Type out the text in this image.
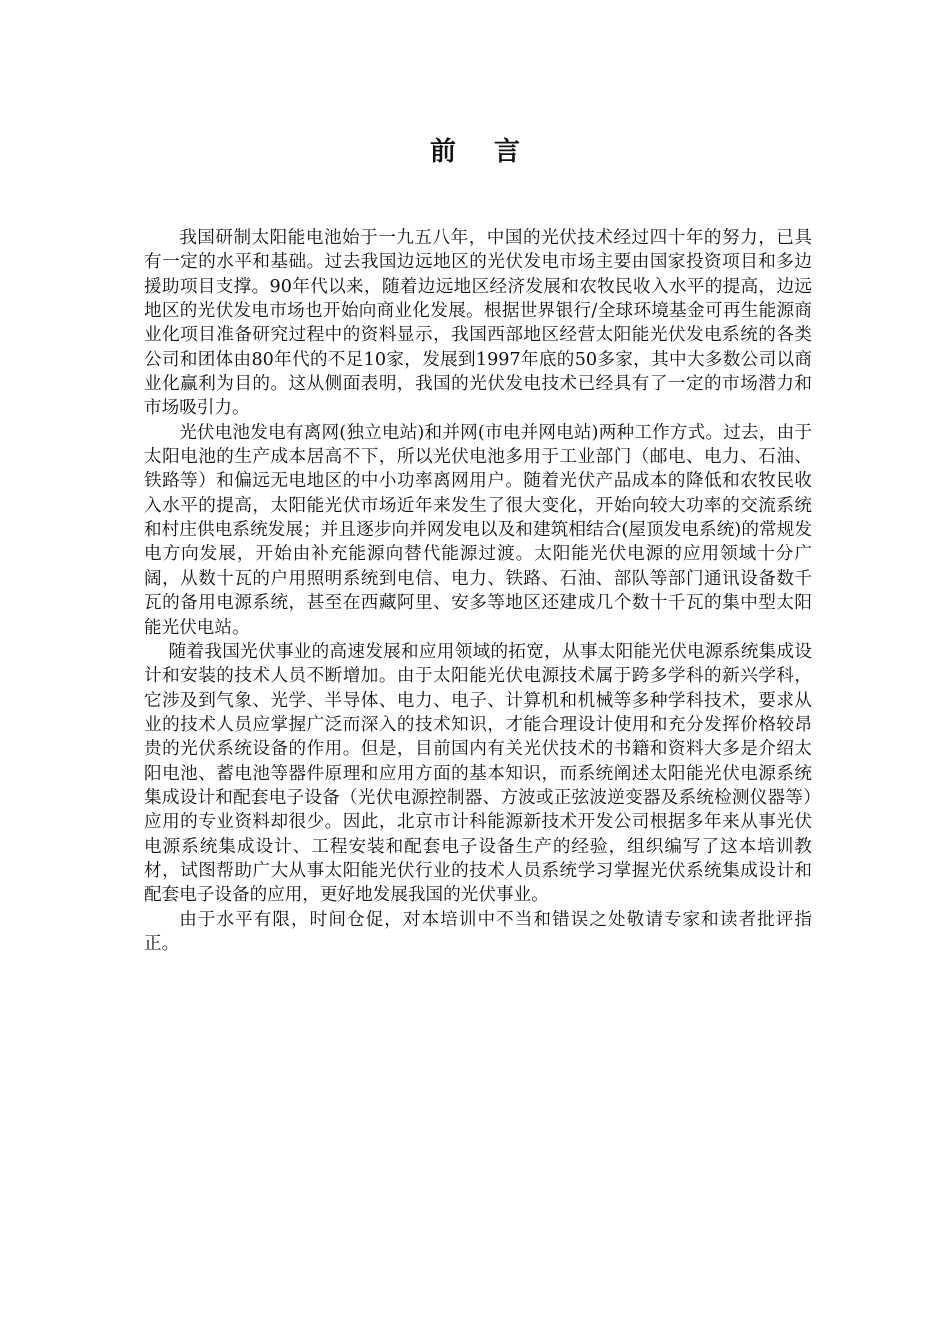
前言

我国研制太阳能电池始于一九五八年，中国的光伏技术经过四十年的努力，已具有一定的水平和基础。过去我国边远地区的光伏发电市场主要由国家投资项目和多边援助项目支撑。90年代以来，随着边远地区经济发展和农牧民收入水平的提高，边远地区的光伏发电市场也开始向商业化发展。根据世界银行/全球环境基金可再生能源商业化项目准备研究过程中的资料显示，我国西部地区经营太阳能光伏发电系统的各类公司和团体由80年代的不足10家，发展到1997年底的50多家，其中大多数公司以商业化赢利为目的。这从侧面表明，我国的光伏发电技术已经具有了一定的市场潜力和市场吸引力。

光伏电池发电有离网(独立电站)和并网(市电并网电站)两种工作方式。过去，由于太阳电池的生产成本居高不下，所以光伏电池多用于工业部门（邮电、电力、石油、铁路等）和偏远无电地区的中小功率离网用户。随着光伏产品成本的降低和农牧民收入水平的提高，太阳能光伏市场近年来发生了很大变化，开始向较大功率的交流系统和村庄供电系统发展；并且逐步向并网发电以及和建筑相结合(屋顶发电系统)的常规发电方向发展，开始由补充能源向替代能源过渡。太阳能光伏电源的应用领域十分广阔，从数十瓦的户用照明系统到电信、电力、铁路、石油、部队等部门通讯设备数千瓦的备用电源系统，甚至在西藏阿里、安多等地区还建成几个数十千瓦的集中型太阳能光伏电站。

随着我国光伏事业的高速发展和应用领域的拓宽，从事太阳能光伏电源系统集成设计和安装的技术人员不断增加。由于太阳能光伏电源技术属于跨多学科的新兴学科，它涉及到气象、光学、半导体、电力、电子、计算机和机械等多种学科技术，要求从业的技术人员应掌握广泛而深入的技术知识，才能合理设计使用和充分发挥价格较昂贵的光伏系统设备的作用。但是，目前国内有关光伏技术的书籍和资料大多是介绍太阳电池、蓄电池等器件原理和应用方面的基本知识，而系统阐述太阳能光伏电源系统集成设计和配套电子设备（光伏电源控制器、方波或正弦波逆变器及系统检测仪器等）应用的专业资料却很少。因此，北京市计科能源新技术开发公司根据多年来从事光伏电源系统集成设计、工程安装和配套电子设备生产的经验，组织编写了这本培训教材，试图帮助广大从事太阳能光伏行业的技术人员系统学习掌握光伏系统集成设计和配套电子设备的应用，更好地发展我国的光伏事业。

由于水平有限，时间仓促，对本培训中不当和错误之处敬请专家和读者批评指正。
